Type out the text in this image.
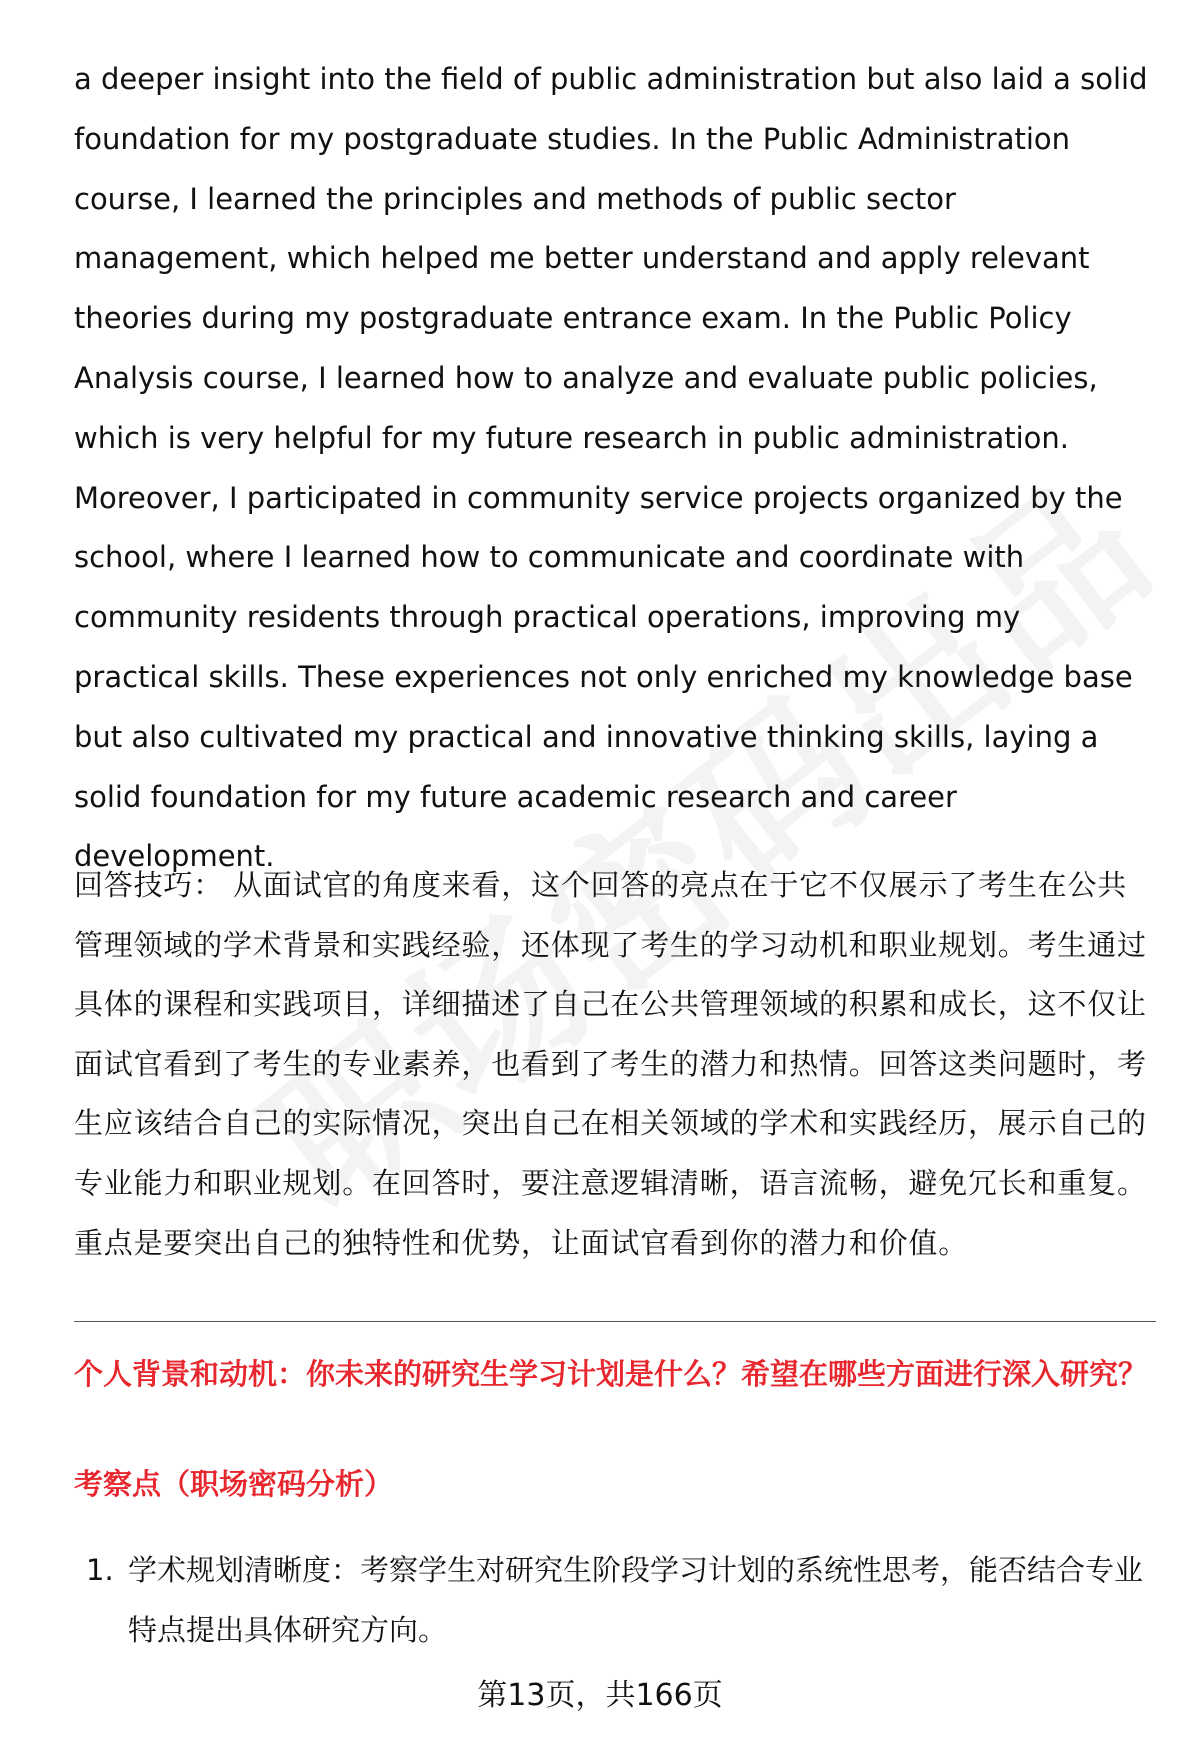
a deeper insight into the field of public administration but also laid a solid foundation for my postgraduate studies. In the Public Administration course, I learned the principles and methods of public sector management, which helped me better understand and apply relevant theories during my postgraduate entrance exam. In the Public Policy Analysis course, I learned how to analyze and evaluate public policies, which is very helpful for my future research in public administration. Moreover, I participated in community service projects organized by the school, where I learned how to communicate and coordinate with community residents through practical operations, improving my practical skills. These experiences not only enriched my knowledge base but also cultivated my practical and innovative thinking skills, laying a solid foundation for my future academic research and career development.

回答技巧： 从面试官的角度来看，这个回答的亮点在于它不仅展示了考生在公共管理领域的学术背景和实践经验，还体现了考生的学习动机和职业规划。考生通过具体的课程和实践项目，详细描述了自己在公共管理领域的积累和成长，这不仅让面试官看到了考生的专业素养，也看到了考生的潜力和热情。回答这类问题时，考生应该结合自己的实际情况，突出自己在相关领域的学术和实践经历，展示自己的专业能力和职业规划。在回答时，要注意逻辑清晰，语言流畅，避免冗长和重复。重点是要突出自己的独特性和优势，让面试官看到你的潜力和价值。

个人背景和动机：你未来的研究生学习计划是什么？希望在哪些方面进行深入研究？

考察点（职场密码分析）

1. 学术规划清晰度：考察学生对研究生阶段学习计划的系统性思考，能否结合专业特点提出具体研究方向。
第13页，共166页
